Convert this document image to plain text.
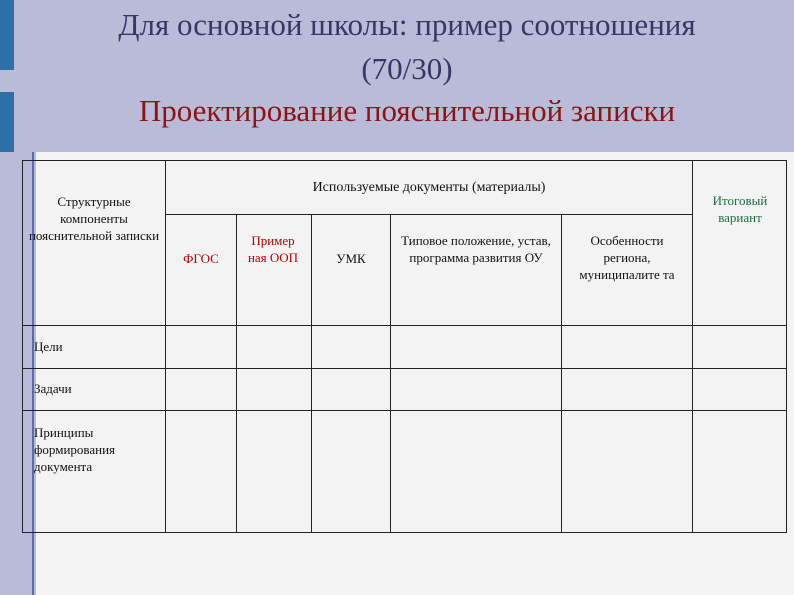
Для основной школы: пример соотношения
(70/30)
Проектирование пояснительной записки
Структурные компоненты пояснительной записки
Используемые документы (материалы)
Итоговый вариант
ФГОС
Пример ная ООП	УМК
Типовое положение, устав, программа развития ОУ
Особенности региона, муниципалите та
Цели
Задачи
Принципы формирования документа
